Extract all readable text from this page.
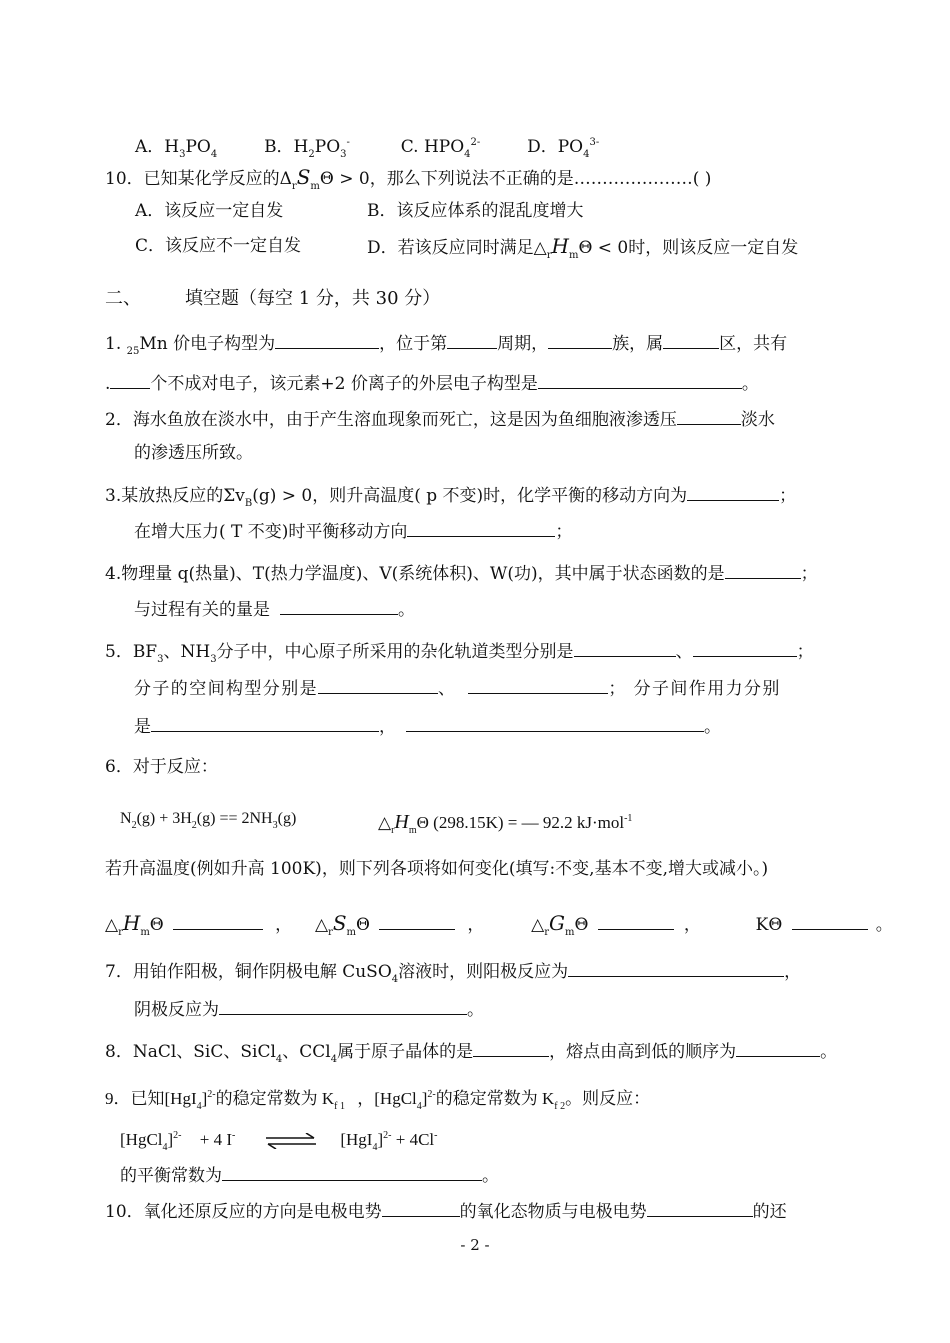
A．$H_3PO_4$	B．$H_2PO_3^-$	C. $HPO_4^{2-}$	D．$PO_4^{3-}$
10．已知某化学反应的$\Delta_rS_m\Theta > 0$，那么下列说法不正确的是…………………( )
A．该反应一定自发	B．该反应体系的混乱度增大
C．该反应不一定自发	D．若该反应同时满足$\triangle_rH_m\Theta < 0$时，则该反应一定自发
二、 填空题（每空 1 分，共 30 分）
1. $_{25}$Mn 价电子构型为	，位于第	周期，	族，属	区，共有
. 个不成对电子，该元素+2 价离子的外层电子构型是	。
2．海水鱼放在淡水中，由于产生溶血现象而死亡，这是因为鱼细胞液渗透压	淡水
的渗透压所致。
3.某放热反应的$\Sigma v_B(g) > 0$，则升高温度( p 不变)时，化学平衡的移动方向为	；
在增大压力( T 不变)时平衡移动方向	；
4.物理量 q(热量)、T(热力学温度)、V(系统体积)、W(功)，其中属于状态函数的是	；
与过程有关的量是	。
5．$BF_3$、$NH_3$分子中，中心原子所采用的杂化轨道类型分别是	、	；
分子的空间构型分别是	、	； 分子间作用力分别
是	，	。
6．对于反应：
$N_2(g) + 3H_2(g) == 2NH_3(g)$	$\triangle_rH_m\Theta$ (298.15K) = — 92.2 kJ·mol$^{-1}$
若升高温度(例如升高 100K)，则下列各项将如何变化(填写:不变,基本不变,增大或减小。)
$\triangle_rH_m\Theta$	， $\triangle_rS_m\Theta$	，	$\triangle_rG_m\Theta$	，	KΘ	。
7．用铂作阳极，铜作阴极电解 CuSO$_4$溶液时，则阳极反应为	，
阴极反应为	。
8．NaCl、SiC、SiCl$_4$、CCl$_4$属于原子晶体的是	，熔点由高到低的顺序为	。
9．已知$[HgI_4]^{2-}$的稳定常数为 $K_{f 1}$ ，[HgCl$_4$]$^{2-}$的稳定常数为 $K_{f 2}$。则反应：
[HgCl$_4$]$^{2-}$ + 4 I- ⇌ $[HgI_4]^{2-} + 4Cl^-$
的平衡常数为	。
10．氧化还原反应的方向是电极电势	的氧化态物质与电极电势	的还
- 2 -
